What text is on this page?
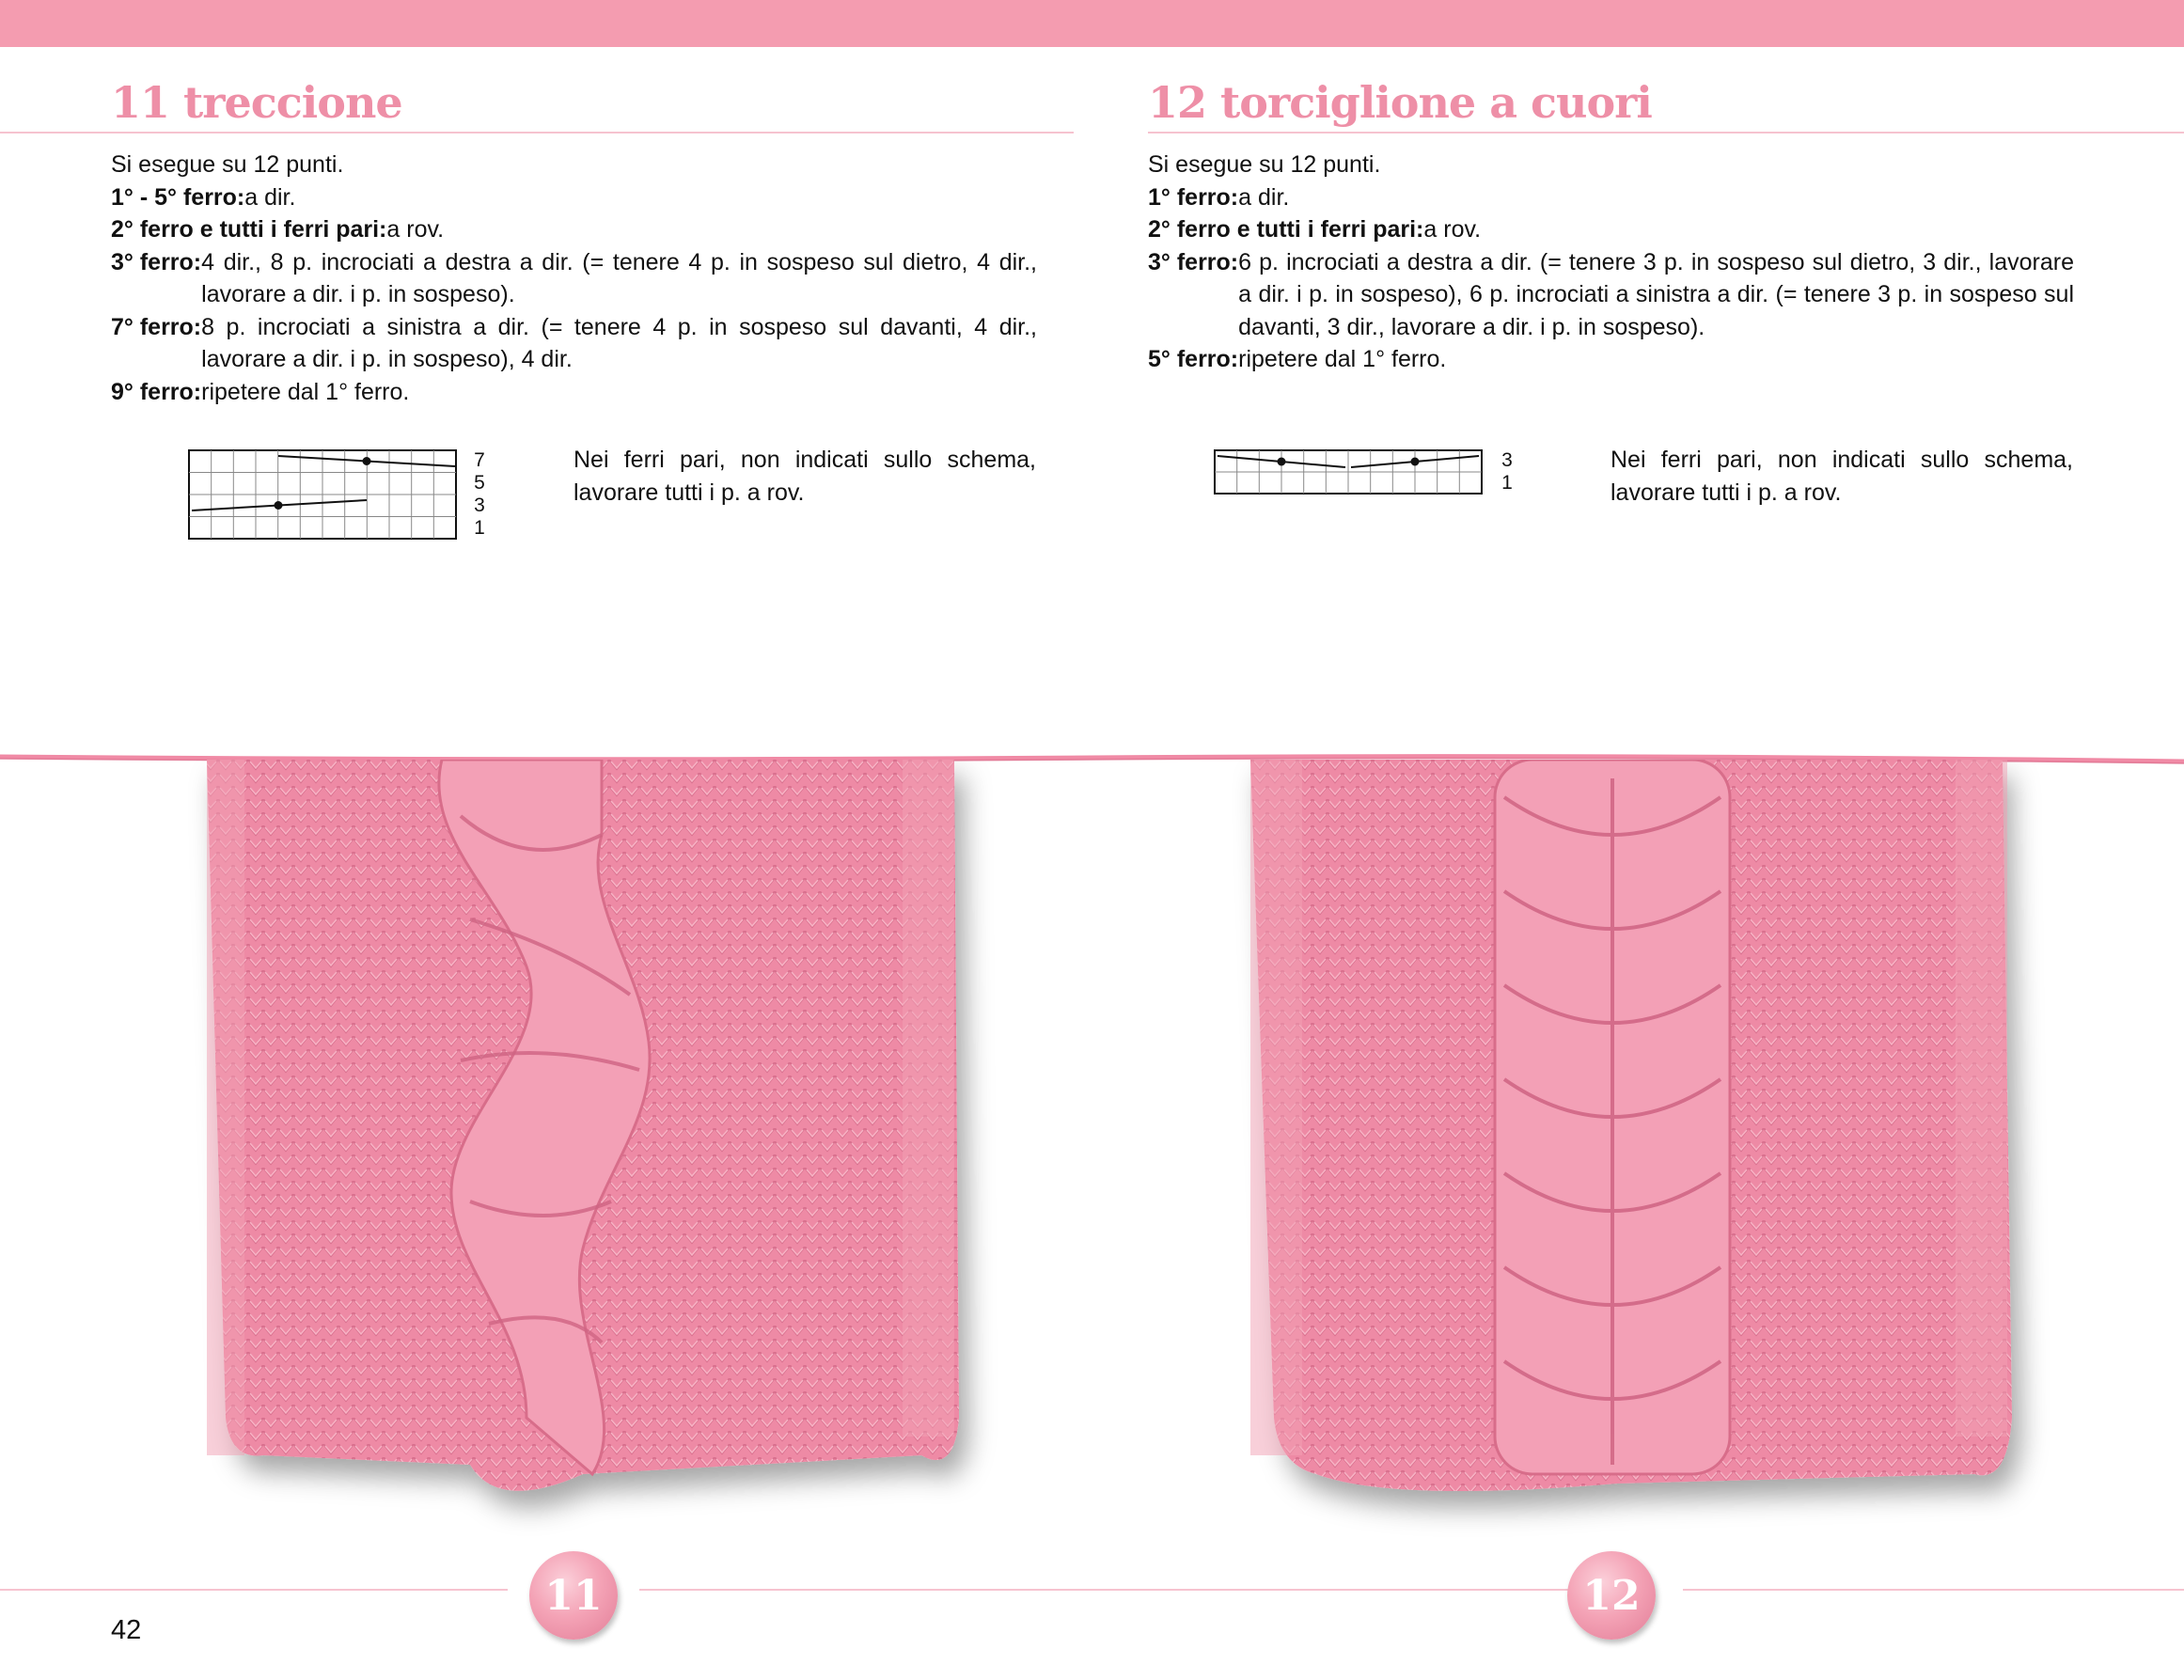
11 treccione
Si esegue su 12 punti.
1° - 5° ferro: a dir.
2° ferro e tutti i ferri pari: a rov.
3° ferro: 4 dir., 8 p. incrociati a destra a dir. (= tenere 4 p. in sospeso sul dietro, 4 dir., lavorare a dir. i p. in sospeso).
7° ferro: 8 p. incrociati a sinistra a dir. (= tenere 4 p. in sospeso sul davanti, 4 dir., lavorare a dir. i p. in sospeso), 4 dir.
9° ferro: ripetere dal 1° ferro.
7
5
3
1
Nei ferri pari, non indicati sullo schema, lavorare tutti i p. a rov.
12 torciglione a cuori
Si esegue su 12 punti.
1° ferro: a dir.
2° ferro e tutti i ferri pari: a rov.
3° ferro: 6 p. incrociati a destra a dir. (= tenere 3 p. in sospeso sul dietro, 3 dir., lavorare a dir. i p. in sospeso), 6 p. incrociati a sinistra a dir. (= tenere 3 p. in sospeso sul davanti, 3 dir., lavorare a dir. i p. in sospeso).
5° ferro: ripetere dal 1° ferro.
3
1
Nei ferri pari, non indicati sullo schema, lavorare tutti i p. a rov.
11	12
42
